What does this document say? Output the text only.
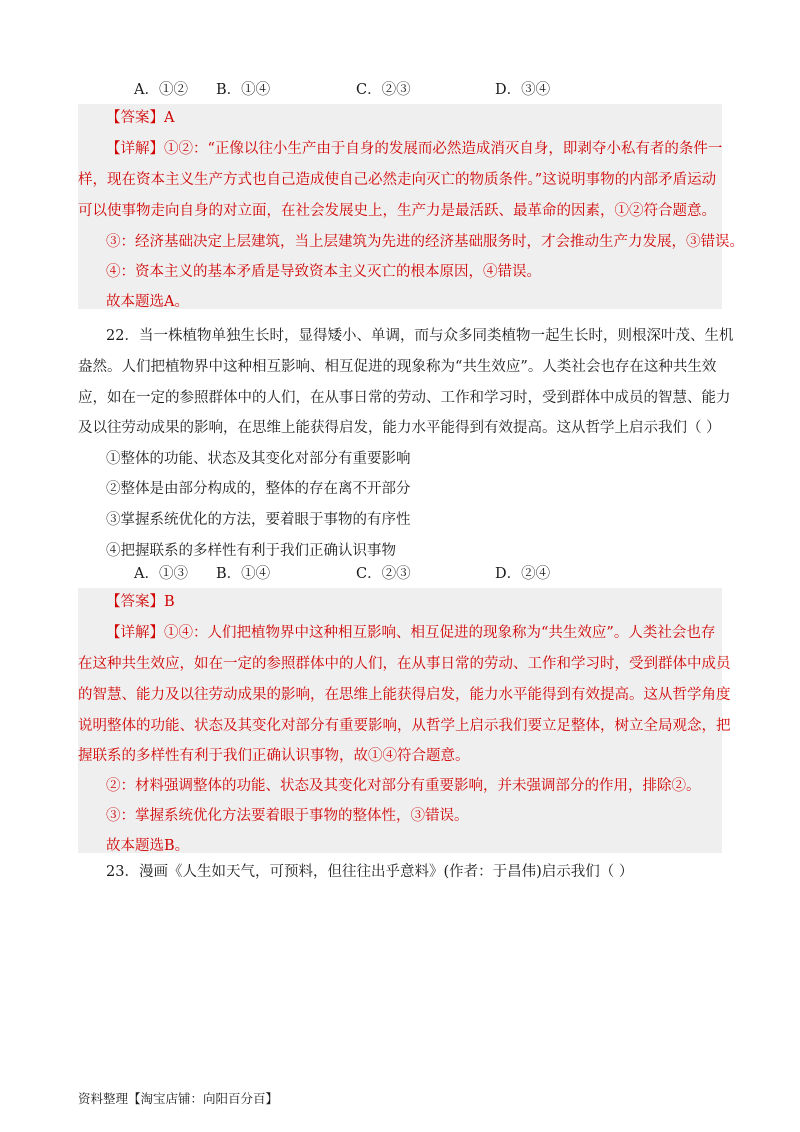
A．①② B．①④	C．②③	D．③④
【答案】A
【详解】①②：“正像以往小生产由于自身的发展而必然造成消灭自身，即剥夺小私有者的条件一
样，现在资本主义生产方式也自己造成使自己必然走向灭亡的物质条件。”这说明事物的内部矛盾运动
可以使事物走向自身的对立面，在社会发展史上，生产力是最活跃、最革命的因素，①②符合题意。
③：经济基础决定上层建筑，当上层建筑为先进的经济基础服务时，才会推动生产力发展，③错误。
④：资本主义的基本矛盾是导致资本主义灭亡的根本原因，④错误。
故本题选A。
22．当一株植物单独生长时，显得矮小、单调，而与众多同类植物一起生长时，则根深叶茂、生机
盎然。人们把植物界中这种相互影响、相互促进的现象称为“共生效应”。人类社会也存在这种共生效
应，如在一定的参照群体中的人们，在从事日常的劳动、工作和学习时，受到群体中成员的智慧、能力
及以往劳动成果的影响，在思维上能获得启发，能力水平能得到有效提高。这从哲学上启示我们（ ）
①整体的功能、状态及其变化对部分有重要影响
②整体是由部分构成的，整体的存在离不开部分
③掌握系统优化的方法，要着眼于事物的有序性
④把握联系的多样性有利于我们正确认识事物
A．①③ B．①④	C．②③	D．②④
【答案】B
【详解】①④：人们把植物界中这种相互影响、相互促进的现象称为“共生效应”。人类社会也存
在这种共生效应，如在一定的参照群体中的人们，在从事日常的劳动、工作和学习时，受到群体中成员
的智慧、能力及以往劳动成果的影响，在思维上能获得启发，能力水平能得到有效提高。这从哲学角度
说明整体的功能、状态及其变化对部分有重要影响，从哲学上启示我们要立足整体，树立全局观念，把
握联系的多样性有利于我们正确认识事物，故①④符合题意。
②：材料强调整体的功能、状态及其变化对部分有重要影响，并未强调部分的作用，排除②。
③：掌握系统优化方法要着眼于事物的整体性，③错误。
故本题选B。
23．漫画《人生如天气，可预料，但往往出乎意料》(作者：于昌伟)启示我们（ ）
资料整理【淘宝店铺：向阳百分百】
